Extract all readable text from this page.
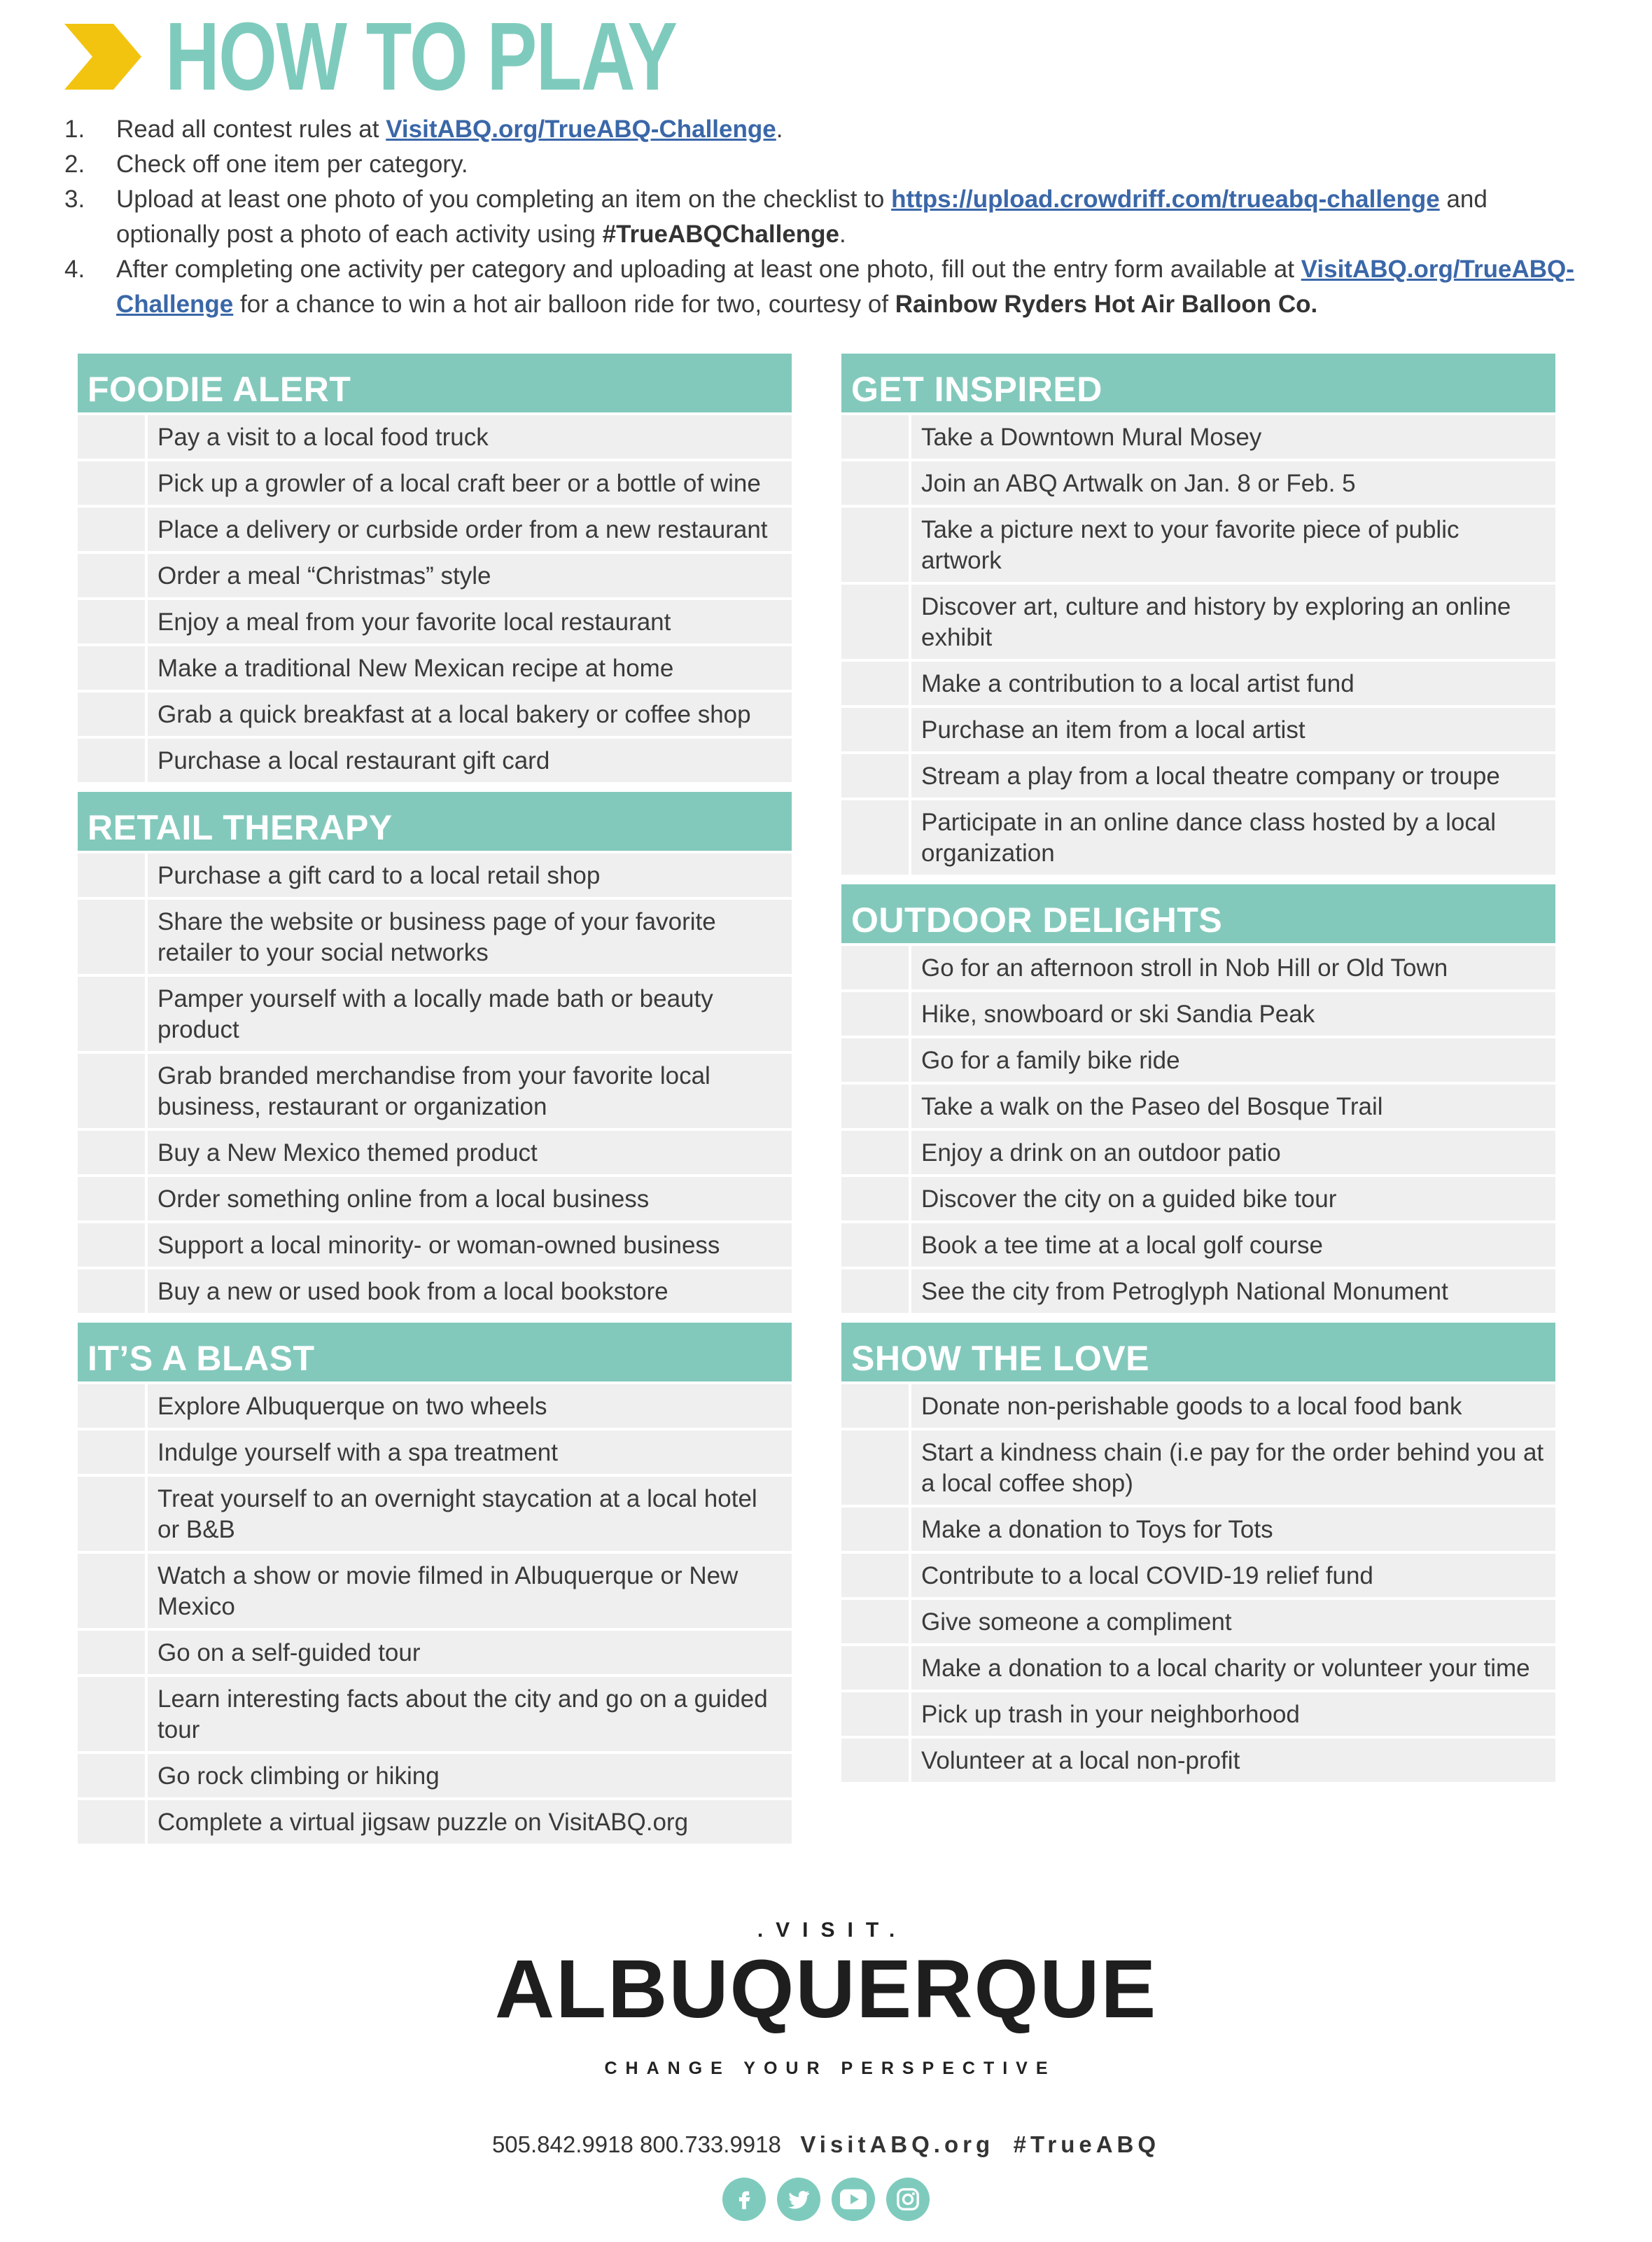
HOW TO PLAY
1. Read all contest rules at VisitABQ.org/TrueABQ-Challenge.
2. Check off one item per category.
3. Upload at least one photo of you completing an item on the checklist to https://upload.crowdriff.com/trueabq-challenge and optionally post a photo of each activity using #TrueABQChallenge.
4. After completing one activity per category and uploading at least one photo, fill out the entry form available at VisitABQ.org/TrueABQ-Challenge for a chance to win a hot air balloon ride for two, courtesy of Rainbow Ryders Hot Air Balloon Co.
FOODIE ALERT
Pay a visit to a local food truck
Pick up a growler of a local craft beer or a bottle of wine
Place a delivery or curbside order from a new restaurant
Order a meal “Christmas” style
Enjoy a meal from your favorite local restaurant
Make a traditional New Mexican recipe at home
Grab a quick breakfast at a local bakery or coffee shop
Purchase a local restaurant gift card
RETAIL THERAPY
Purchase a gift card to a local retail shop
Share the website or business page of your favorite retailer to your social networks
Pamper yourself with a locally made bath or beauty product
Grab branded merchandise from your favorite local business, restaurant or organization
Buy a New Mexico themed product
Order something online from a local business
Support a local minority- or woman-owned business
Buy a new or used book from a local bookstore
IT’S A BLAST
Explore Albuquerque on two wheels
Indulge yourself with a spa treatment
Treat yourself to an overnight staycation at a local hotel or B&B
Watch a show or movie filmed in Albuquerque or New Mexico
Go on a self-guided tour
Learn interesting facts about the city and go on a guided tour
Go rock climbing or hiking
Complete a virtual jigsaw puzzle on VisitABQ.org
GET INSPIRED
Take a Downtown Mural Mosey
Join an ABQ Artwalk on Jan. 8 or Feb. 5
Take a picture next to your favorite piece of public artwork
Discover art, culture and history by exploring an online exhibit
Make a contribution to a local artist fund
Purchase an item from a local artist
Stream a play from a local theatre company or troupe
Participate in an online dance class hosted by a local organization
OUTDOOR DELIGHTS
Go for an afternoon stroll in Nob Hill or Old Town
Hike, snowboard or ski Sandia Peak
Go for a family bike ride
Take a walk on the Paseo del Bosque Trail
Enjoy a drink on an outdoor patio
Discover the city on a guided bike tour
Book a tee time at a local golf course
See the city from Petroglyph National Monument
SHOW THE LOVE
Donate non-perishable goods to a local food bank
Start a kindness chain (i.e pay for the order behind you at a local coffee shop)
Make a donation to Toys for Tots
Contribute to a local COVID-19 relief fund
Give someone a compliment
Make a donation to a local charity or volunteer your time
Pick up trash in your neighborhood
Volunteer at a local non-profit
.VISIT.
ALBUQUERQUE
CHANGE YOUR PERSPECTIVE
505.842.9918 800.733.9918 VisitABQ.org #TrueABQ
